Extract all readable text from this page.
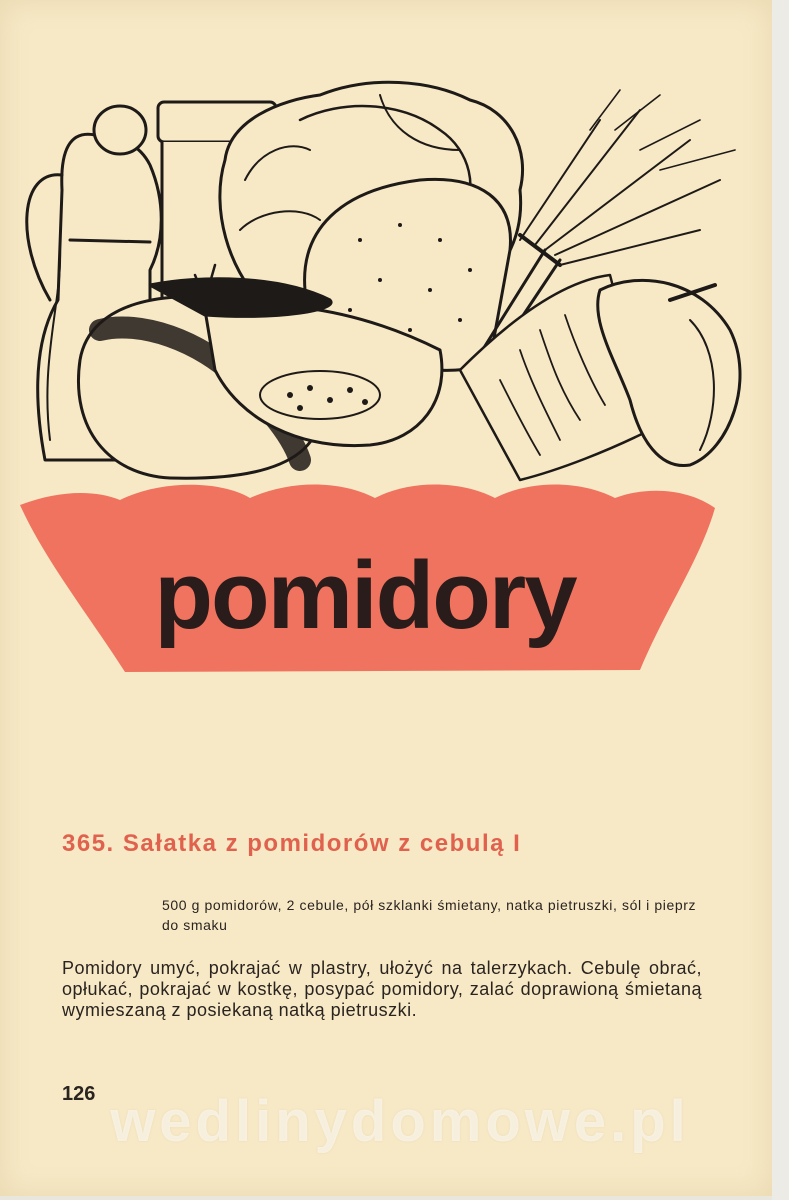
pomidory
365. Sałatka z pomidorów z cebulą I
500 g pomidorów, 2 cebule, pół szklanki śmietany, natka pietruszki, sól i pieprz do smaku
Pomidory umyć, pokrajać w plastry, ułożyć na talerzykach. Cebulę obrać, opłukać, pokrajać w kostkę, posypać pomidory, zalać doprawioną śmietaną wymieszaną z posiekaną natką pietruszki.
126 wedlinydomowe.pl
